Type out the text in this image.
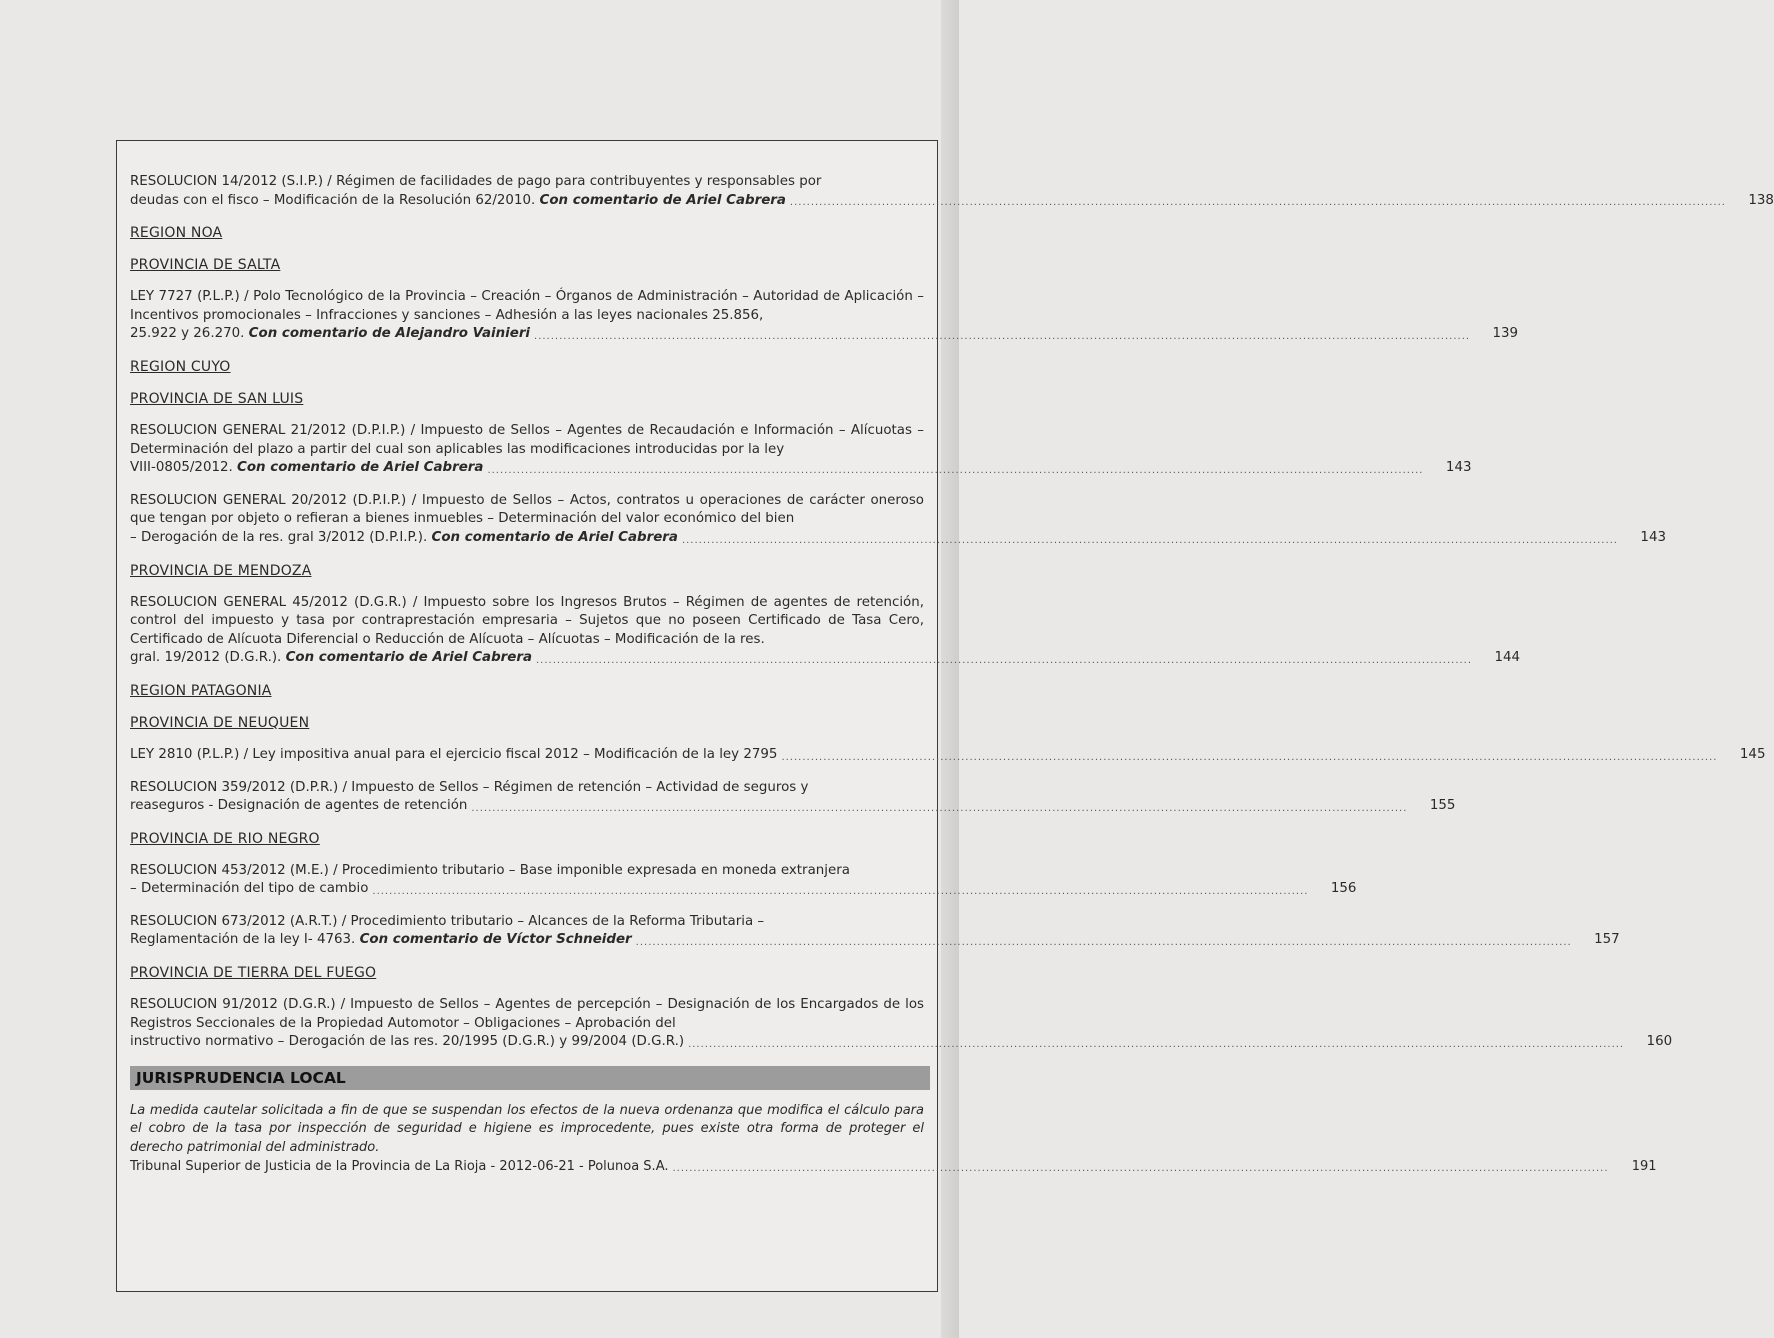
RESOLUCION 14/2012 (S.I.P.) / Régimen de facilidades de pago para contribuyentes y responsables por
deudas con el fisco – Modificación de la Resolución 62/2010. Con comentario de Ariel Cabrera ................................................................................................................................................................................................................................	138
REGION NOA
PROVINCIA DE SALTA
LEY 7727 (P.L.P.) / Polo Tecnológico de la Provincia – Creación – Órganos de Administración – Autoridad de Aplicación – Incentivos promocionales – Infracciones y sanciones – Adhesión a las leyes nacionales 25.856,
25.922 y 26.270. Con comentario de Alejandro Vainieri ................................................................................................................................................................................................................................	139
REGION CUYO
PROVINCIA DE SAN LUIS
RESOLUCION GENERAL 21/2012 (D.P.I.P.) / Impuesto de Sellos – Agentes de Recaudación e Información – Alícuotas – Determinación del plazo a partir del cual son aplicables las modificaciones introducidas por la ley
VIII-0805/2012. Con comentario de Ariel Cabrera ................................................................................................................................................................................................................................	143
RESOLUCION GENERAL 20/2012 (D.P.I.P.) / Impuesto de Sellos – Actos, contratos u operaciones de carácter oneroso que tengan por objeto o refieran a bienes inmuebles – Determinación del valor económico del bien
– Derogación de la res. gral 3/2012 (D.P.I.P.). Con comentario de Ariel Cabrera ................................................................................................................................................................................................................................	143
PROVINCIA DE MENDOZA
RESOLUCION GENERAL 45/2012 (D.G.R.) / Impuesto sobre los Ingresos Brutos – Régimen de agentes de retención, control del impuesto y tasa por contraprestación empresaria – Sujetos que no poseen Certificado de Tasa Cero, Certificado de Alícuota Diferencial o Reducción de Alícuota – Alícuotas – Modificación de la res.
gral. 19/2012 (D.G.R.). Con comentario de Ariel Cabrera ................................................................................................................................................................................................................................	144
REGION PATAGONIA
PROVINCIA DE NEUQUEN
LEY 2810 (P.L.P.) / Ley impositiva anual para el ejercicio fiscal 2012 – Modificación de la ley 2795 ................................................................................................................................................................................................................................	145
RESOLUCION 359/2012 (D.P.R.) / Impuesto de Sellos – Régimen de retención – Actividad de seguros y
reaseguros - Designación de agentes de retención ................................................................................................................................................................................................................................	155
PROVINCIA DE RIO NEGRO
RESOLUCION 453/2012 (M.E.) / Procedimiento tributario – Base imponible expresada en moneda extranjera
– Determinación del tipo de cambio ................................................................................................................................................................................................................................	156
RESOLUCION 673/2012 (A.R.T.) / Procedimiento tributario – Alcances de la Reforma Tributaria –
Reglamentación de la ley I- 4763. Con comentario de Víctor Schneider ................................................................................................................................................................................................................................	157
PROVINCIA DE TIERRA DEL FUEGO
RESOLUCION 91/2012 (D.G.R.) / Impuesto de Sellos – Agentes de percepción – Designación de los Encargados de los Registros Seccionales de la Propiedad Automotor – Obligaciones – Aprobación del
instructivo normativo – Derogación de las res. 20/1995 (D.G.R.) y 99/2004 (D.G.R.) ................................................................................................................................................................................................................................	160
JURISPRUDENCIA LOCAL
La medida cautelar solicitada a fin de que se suspendan los efectos de la nueva ordenanza que modifica el cálculo para el cobro de la tasa por inspección de seguridad e higiene es improcedente, pues existe otra forma de proteger el derecho patrimonial del administrado.
Tribunal Superior de Justicia de la Provincia de La Rioja - 2012-06-21 - Polunoa S.A. ................................................................................................................................................................................................................................	191
